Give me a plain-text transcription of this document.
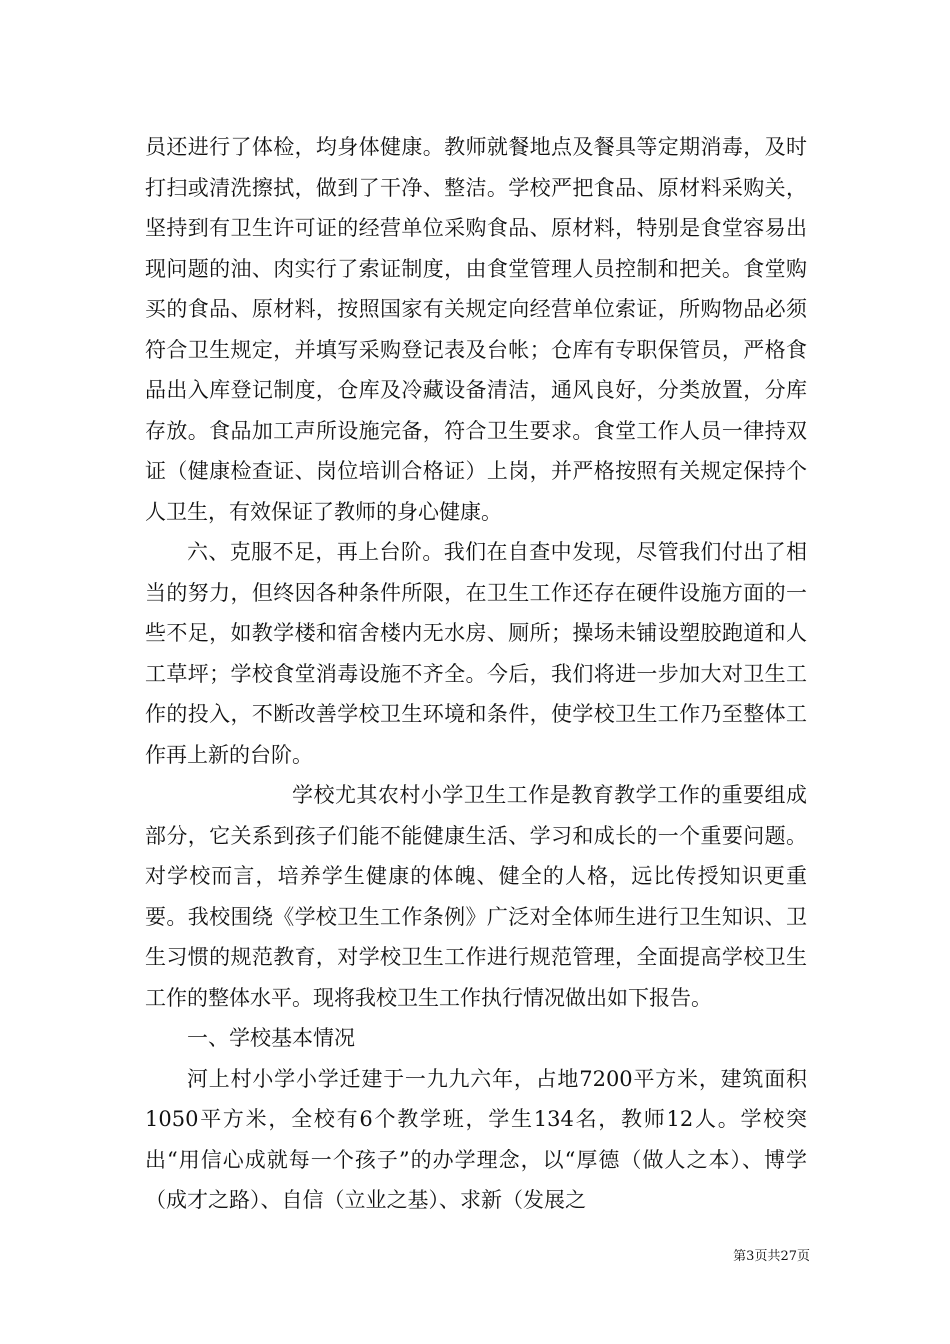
员还进行了体检，均身体健康。教师就餐地点及餐具等定期消毒，及时打扫或清洗擦拭，做到了干净、整洁。学校严把食品、原材料采购关，坚持到有卫生许可证的经营单位采购食品、原材料，特别是食堂容易出现问题的油、肉实行了索证制度，由食堂管理人员控制和把关。食堂购买的食品、原材料，按照国家有关规定向经营单位索证，所购物品必须符合卫生规定，并填写采购登记表及台帐；仓库有专职保管员，严格食品出入库登记制度，仓库及冷藏设备清洁，通风良好，分类放置，分库存放。食品加工声所设施完备，符合卫生要求。食堂工作人员一律持双证（健康检查证、岗位培训合格证）上岗，并严格按照有关规定保持个人卫生，有效保证了教师的身心健康。

六、克服不足，再上台阶。我们在自查中发现，尽管我们付出了相当的努力，但终因各种条件所限，在卫生工作还存在硬件设施方面的一些不足，如教学楼和宿舍楼内无水房、厕所；操场未铺设塑胶跑道和人工草坪；学校食堂消毒设施不齐全。今后，我们将进一步加大对卫生工作的投入，不断改善学校卫生环境和条件，使学校卫生工作乃至整体工作再上新的台阶。

学校尤其农村小学卫生工作是教育教学工作的重要组成部分，它关系到孩子们能不能健康生活、学习和成长的一个重要问题。对学校而言，培养学生健康的体魄、健全的人格，远比传授知识更重要。我校围绕《学校卫生工作条例》广泛对全体师生进行卫生知识、卫生习惯的规范教育，对学校卫生工作进行规范管理，全面提高学校卫生工作的整体水平。现将我校卫生工作执行情况做出如下报告。

一、学校基本情况

河上村小学小学迁建于一九九六年，占地7200平方米，建筑面积1050平方米，全校有6个教学班，学生134名，教师12人。学校突出“用信心成就每一个孩子”的办学理念，以“厚德（做人之本）、博学（成才之路）、自信（立业之基）、求新（发展之

第3页共27页
